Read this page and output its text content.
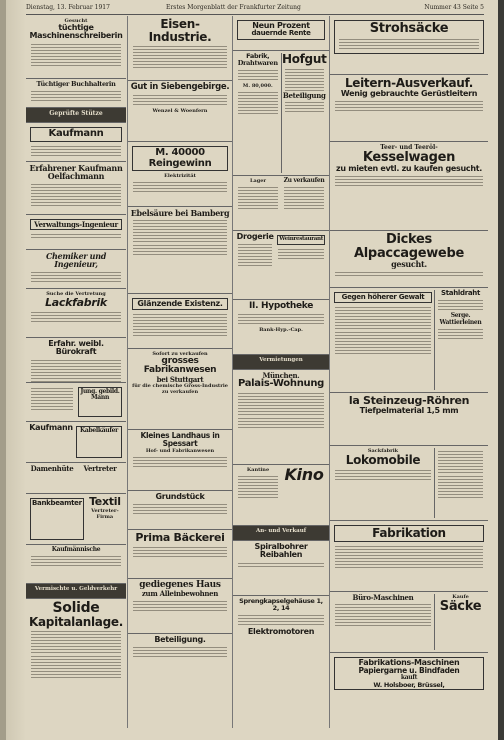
Dienstag, 13. Februar 1917	Erstes Morgenblatt der Frankfurter Zeitung	Nummer 43 Seite 5
Gesucht
tüchtige Maschinenschreiberin
Tüchtiger Buchhalterin
Geprüfte Stütze
Kaufmann
Erfahrener Kaufmann Oelfachmann
Verwaltungs-Ingenieur
Chemiker und Ingenieur,
Suche die Vertretung
Lackfabrik
Erfahr. weibl. Bürokraft
Jung. gebild. Mann
Kaufmann	Kabelkäufer
Damenhüte	Vertreter
Bankbeamter Textil
Vertreter-Firma
Kaufmännische
Vermischte u. Geldverkehr
Solide
Kapitalanlage.
Eisen-Industrie.
Gut in Siebengebirge.
Wenzel & Woenfern
M. 40000 Reingewinn
Elektrizität
Ebelsäure bei Bamberg
Glänzende Existenz.
Sofort zu verkaufen
grosses Fabrikanwesen
bei Stuttgart
für die chemische Gross-Industrie
zu verkaufen
Kleines Landhaus in Spessart
Hof- und Fabrikanwesen
Grundstück
Prima Bäckerei
gediegenes Haus
zum Alleinbewohnen
Beteiligung.
Neun Prozent
dauernde Rente
Fabrik,
Drahtwaren
M. 80,000.
Hofgut
Beteiligung
Lager	Zu verkaufen
Drogerie	Weinrestaurant
II. Hypotheke
Bank-Hyp.-Cap.
Vermietungen
München.
Palais-Wohnung
Kantine Kino
An- und Verkauf
Spiralbohrer
Reibahlen
Sprengkapselgehäuse 1, 2, 14
Elektromotoren
Strohsäcke
Leitern-Ausverkauf.
Wenig gebrauchte Gerüstleitern
Teer- und Teeröl-
Kesselwagen
zu mieten evtl. zu kaufen gesucht.
Dickes Alpaccagewebe
gesucht.
Gegen höherer Gewalt	Stahldraht
Serge. Wattierleinen
la Steinzeug-Röhren
Tiefpelmaterial 1,5 mm
Sackfabrik
Lokomobile
Fabrikation
Büro-Maschinen	Kaufe
Säcke
Fabrikations-Maschinen
Papiergarne u. Bindfaden
kauft
W. Holsboer, Brüssel,
